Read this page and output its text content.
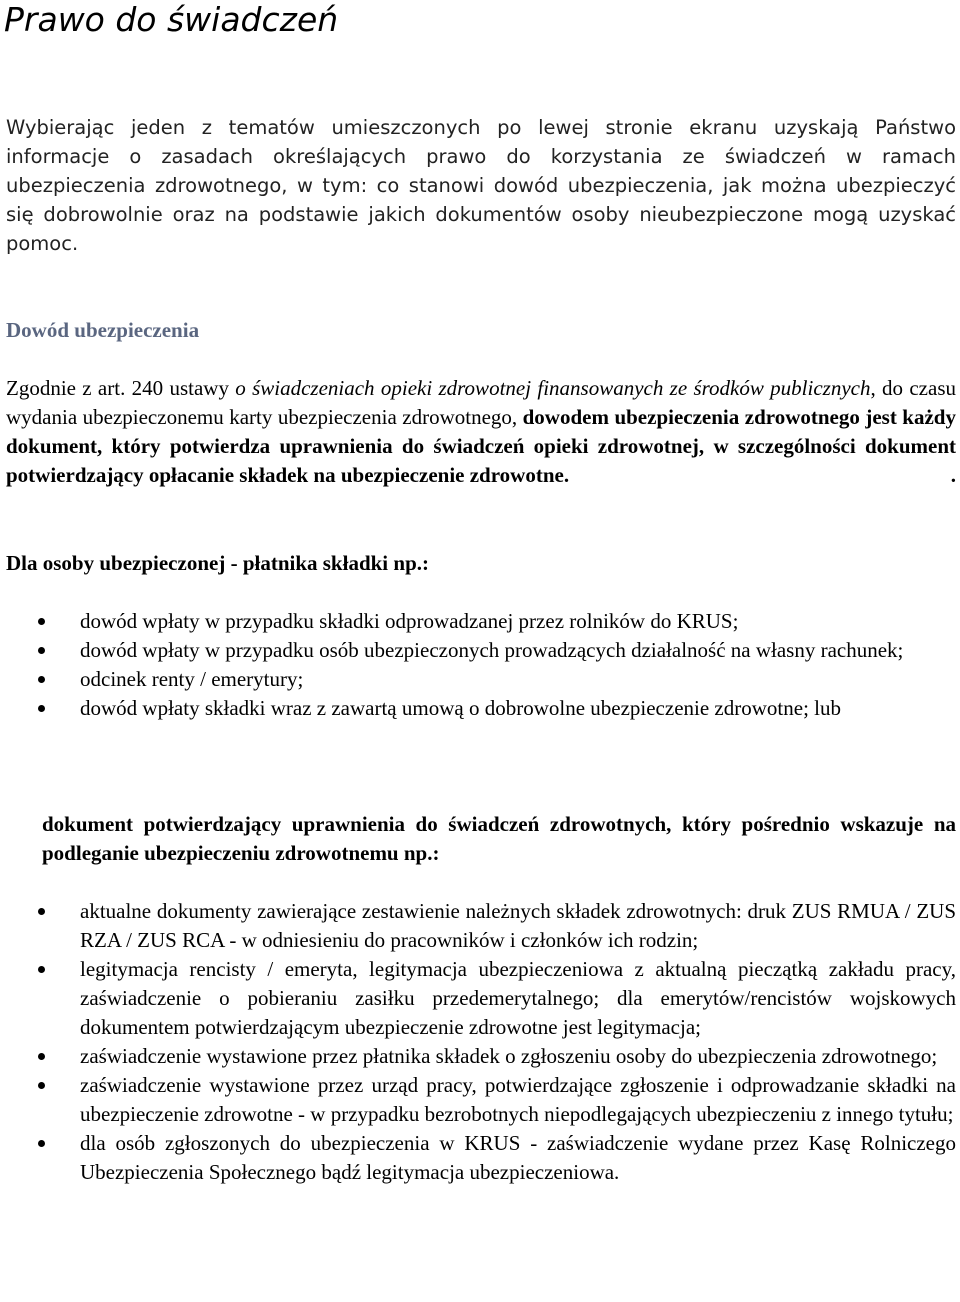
Prawo do świadczeń

Wybierając jeden z tematów umieszczonych po lewej stronie ekranu uzyskają Państwo informacje o zasadach określających prawo do korzystania ze świadczeń w ramach ubezpieczenia zdrowotnego, w tym: co stanowi dowód ubezpieczenia, jak można ubezpieczyć się dobrowolnie oraz na podstawie jakich dokumentów osoby nieubezpieczone mogą uzyskać pomoc.

Dowód ubezpieczenia

Zgodnie z art. 240 ustawy o świadczeniach opieki zdrowotnej finansowanych ze środków publicznych, do czasu wydania ubezpieczonemu karty ubezpieczenia zdrowotnego, dowodem ubezpieczenia zdrowotnego jest każdy dokument, który potwierdza uprawnienia do świadczeń opieki zdrowotnej, w szczególności dokument potwierdzający opłacanie składek na ubezpieczenie zdrowotne.	.

Dla osoby ubezpieczonej - płatnika składki np.:

dowód wpłaty w przypadku składki odprowadzanej przez rolników do KRUS;
dowód wpłaty w przypadku osób ubezpieczonych prowadzących działalność na własny rachunek;
odcinek renty / emerytury;
dowód wpłaty składki wraz z zawartą umową o dobrowolne ubezpieczenie zdrowotne; lub

dokument potwierdzający uprawnienia do świadczeń zdrowotnych, który pośrednio wskazuje na podleganie ubezpieczeniu zdrowotnemu np.:

aktualne dokumenty zawierające zestawienie należnych składek zdrowotnych: druk ZUS RMUA / ZUS RZA / ZUS RCA - w odniesieniu do pracowników i członków ich rodzin;
legitymacja rencisty / emeryta, legitymacja ubezpieczeniowa z aktualną pieczątką zakładu pracy, zaświadczenie o pobieraniu zasiłku przedemerytalnego; dla emerytów/rencistów wojskowych dokumentem potwierdzającym ubezpieczenie zdrowotne jest legitymacja;
zaświadczenie wystawione przez płatnika składek o zgłoszeniu osoby do ubezpieczenia zdrowotnego;
zaświadczenie wystawione przez urząd pracy, potwierdzające zgłoszenie i odprowadzanie składki na ubezpieczenie zdrowotne - w przypadku bezrobotnych niepodlegających ubezpieczeniu z innego tytułu;
dla osób zgłoszonych do ubezpieczenia w KRUS - zaświadczenie wydane przez Kasę Rolniczego Ubezpieczenia Społecznego bądź legitymacja ubezpieczeniowa.
